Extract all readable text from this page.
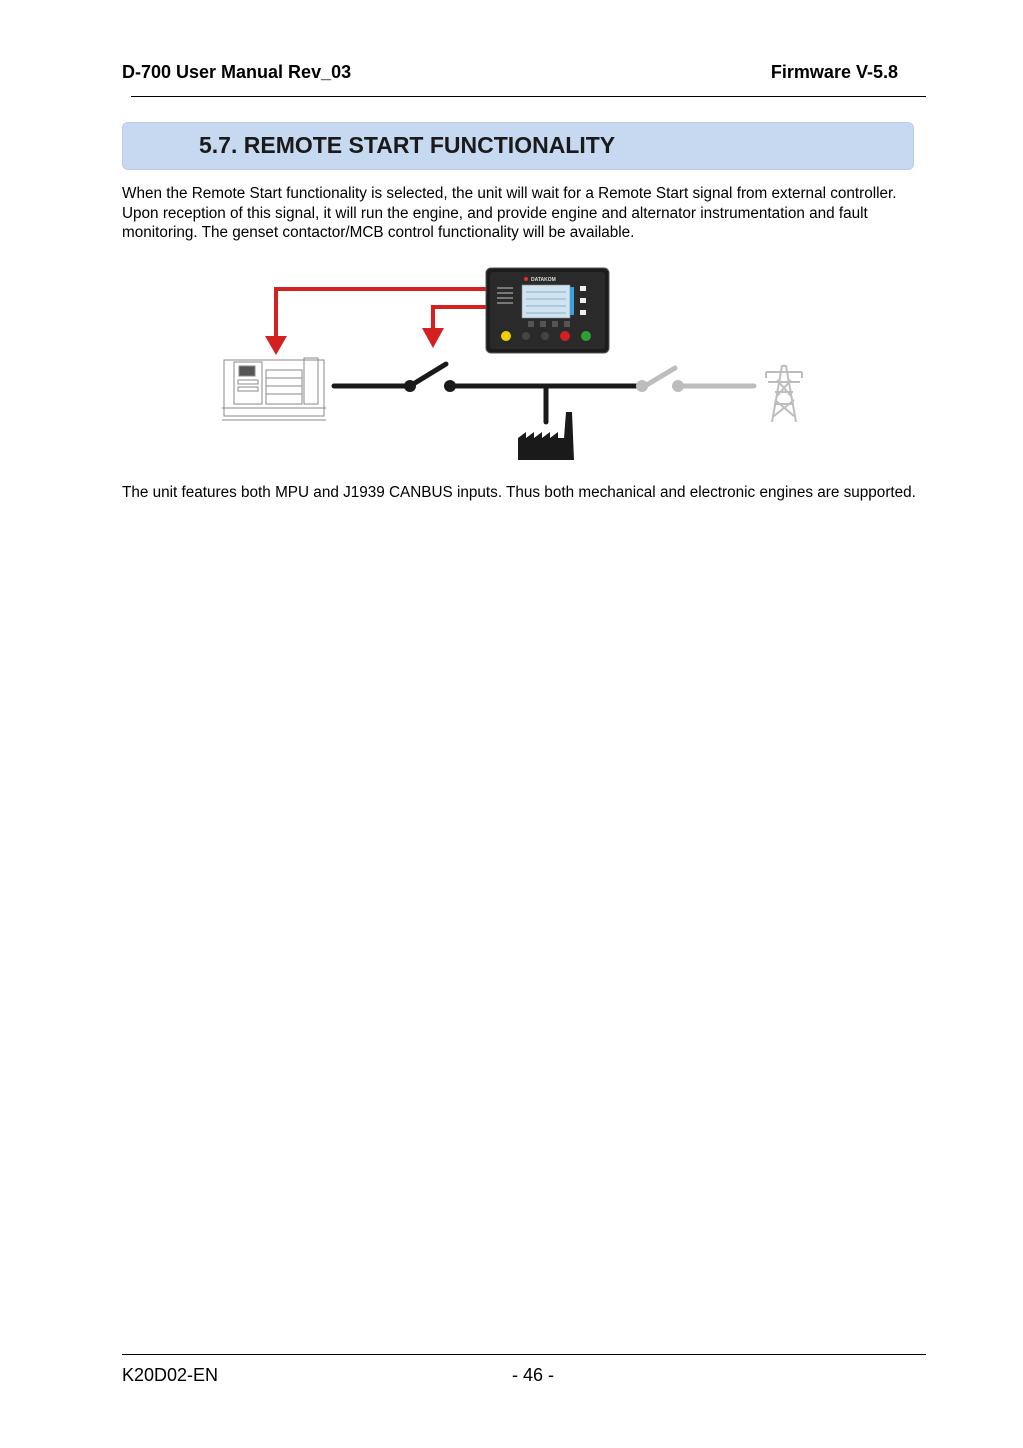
D-700 User Manual Rev_03	Firmware V-5.8
5.7. REMOTE START FUNCTIONALITY
When the Remote Start functionality is selected, the unit will wait for a Remote Start signal from external controller. Upon reception of this signal, it will run the engine, and provide engine and alternator instrumentation and fault monitoring. The genset contactor/MCB control functionality will be available.
DATAKOM
The unit features both MPU and J1939 CANBUS inputs. Thus both mechanical and electronic engines are supported.
K20D02-EN	- 46 -
